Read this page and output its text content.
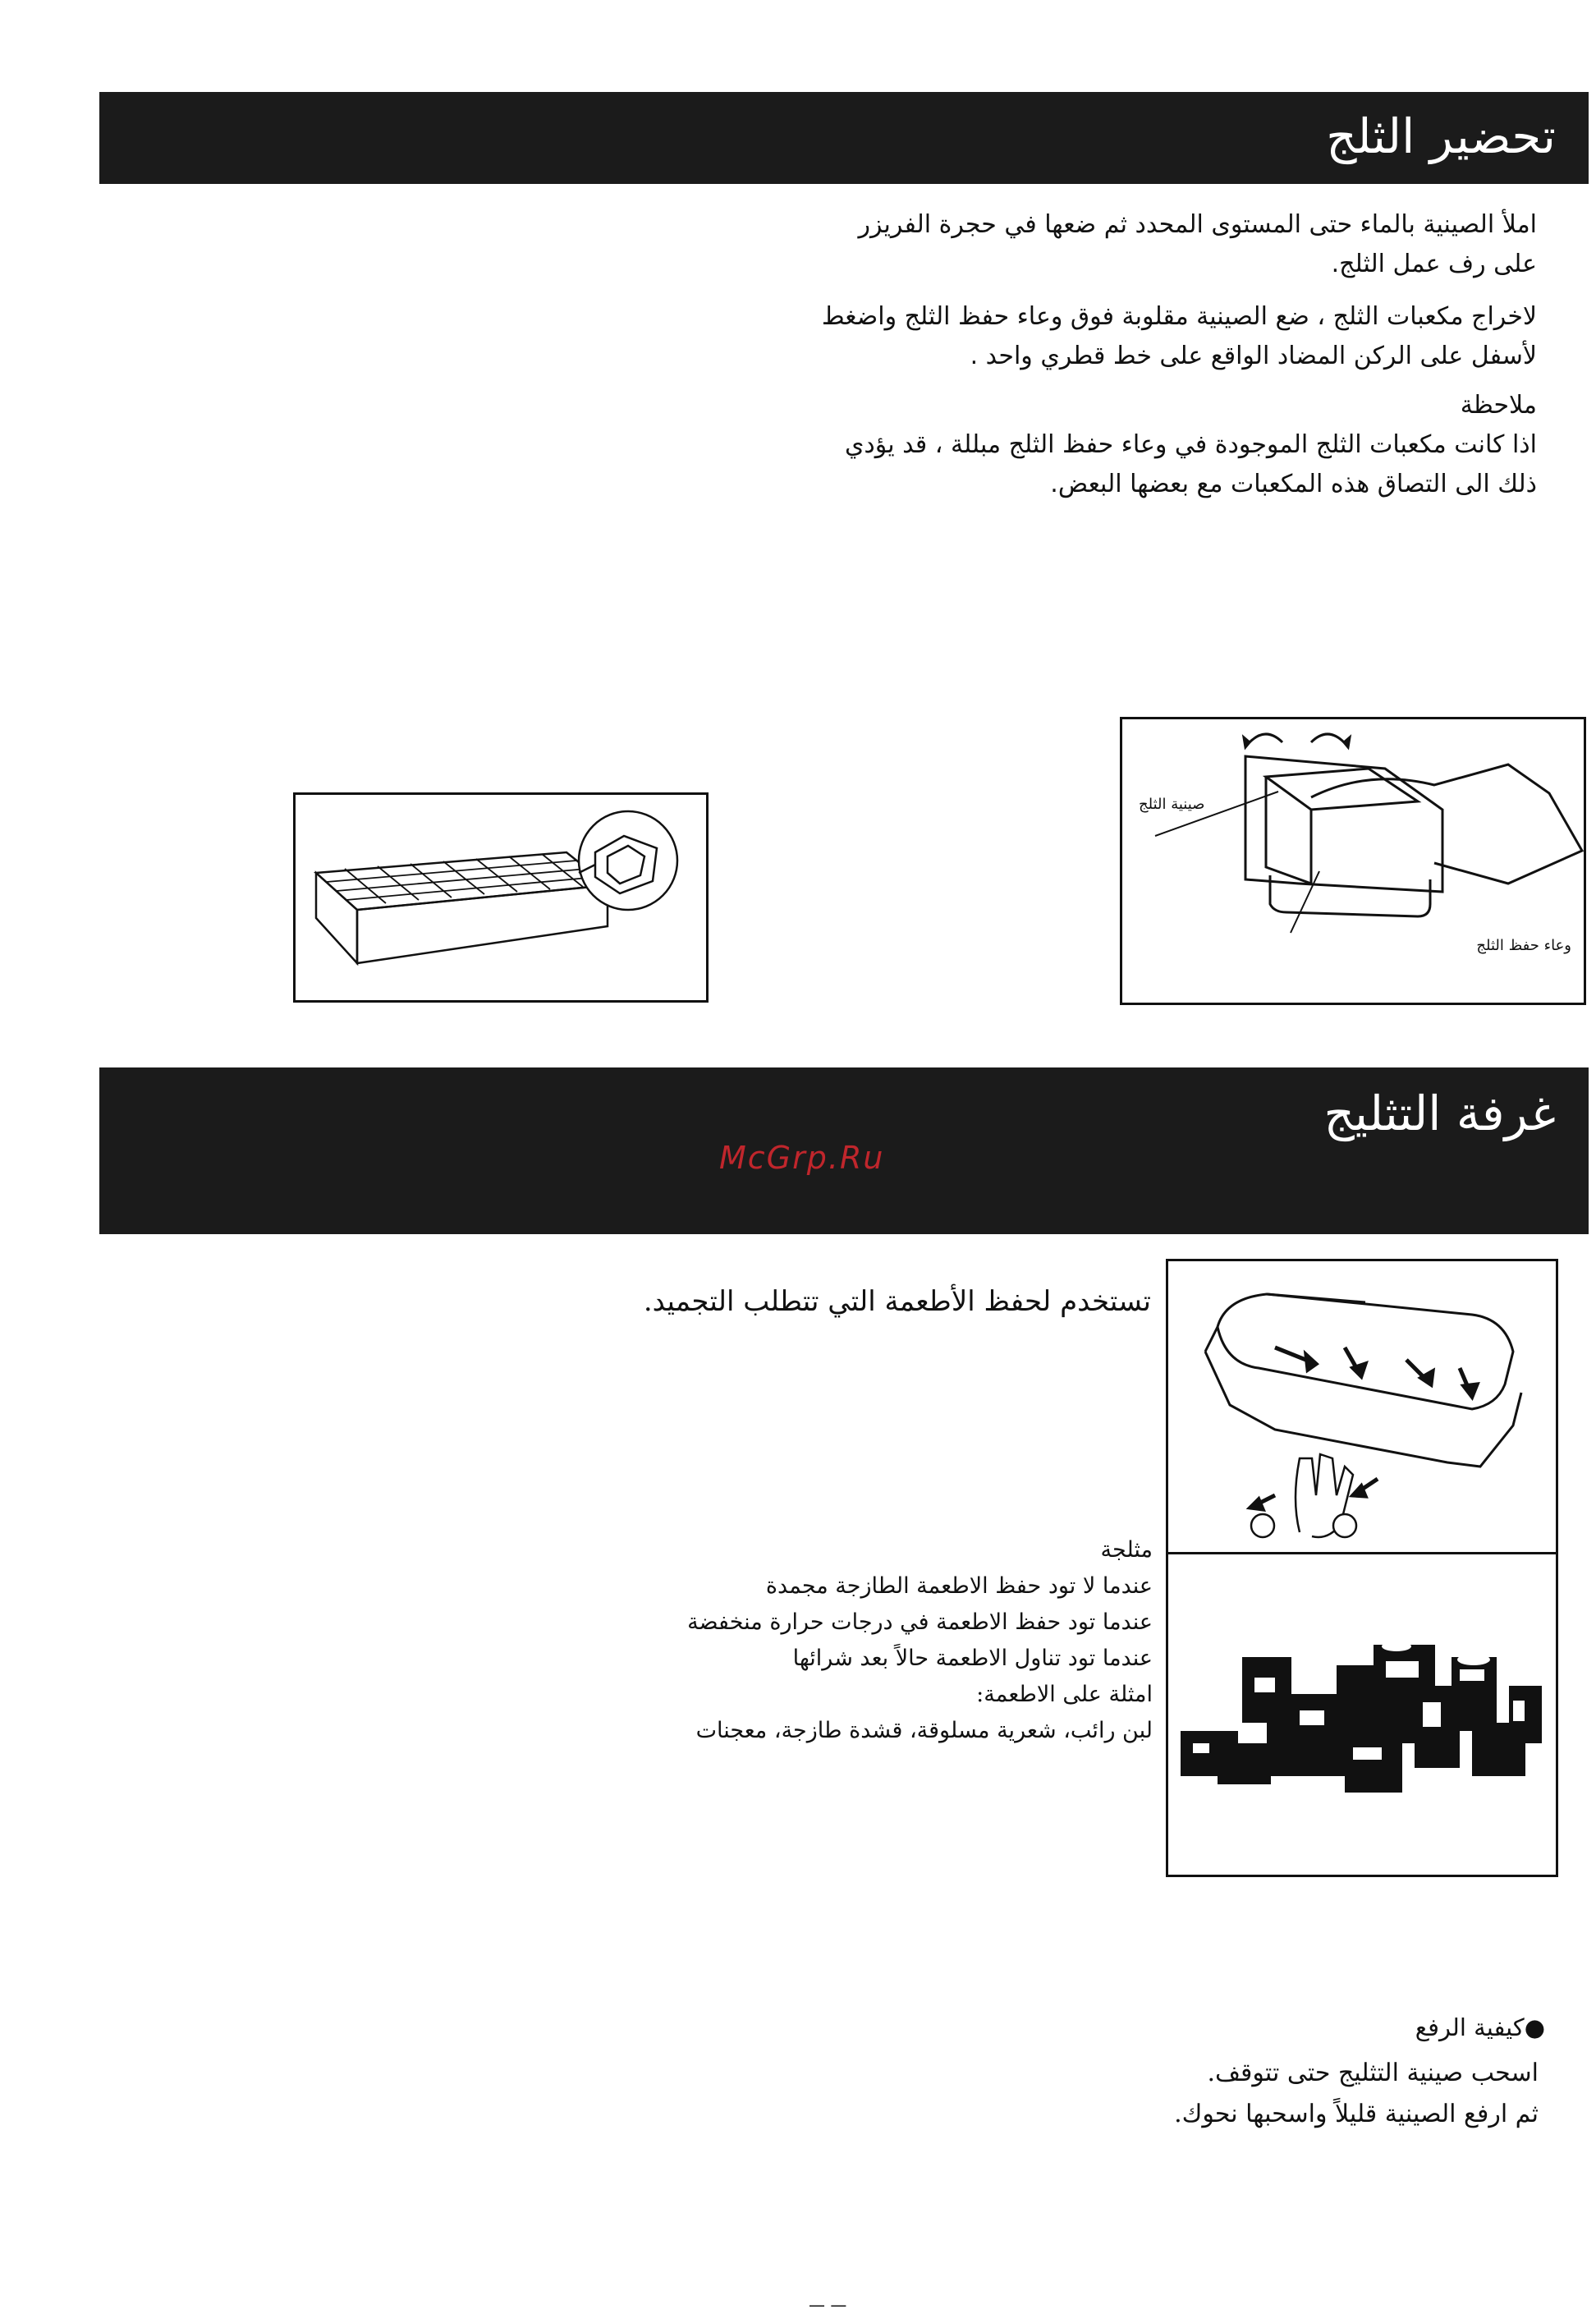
تحضير الثلج
املأ الصينية بالماء حتى المستوى المحدد ثم ضعها في حجرة الفريزر
على رف عمل الثلج.
لاخراج مكعبات الثلج ، ضع الصينية مقلوبة فوق وعاء حفظ الثلج واضغط
لأسفل على الركن المضاد الواقع على خط قطري واحد .
ملاحظة
اذا كانت مكعبات الثلج الموجودة في وعاء حفظ الثلج مبللة ، قد يؤدي
ذلك الى التصاق هذه المكعبات مع بعضها البعض.
صينية الثلج
وعاء حفظ الثلج
غرفة التثليج
McGrp.Ru
تستخدم لحفظ الأطعمة التي تتطلب التجميد.
مثلجة
عندما لا تود حفظ الاطعمة الطازجة مجمدة
عندما تود حفظ الاطعمة في درجات حرارة منخفضة
عندما تود تناول الاطعمة حالاً بعد شرائها
امثلة على الاطعمة:
لبن رائب، شعرية مسلوقة، قشدة طازجة، معجنات
●كيفية الرفع
اسحب صينية التثليج حتى تتوقف.
ثم ارفع الصينية قليلاً واسحبها نحوك.
— —
